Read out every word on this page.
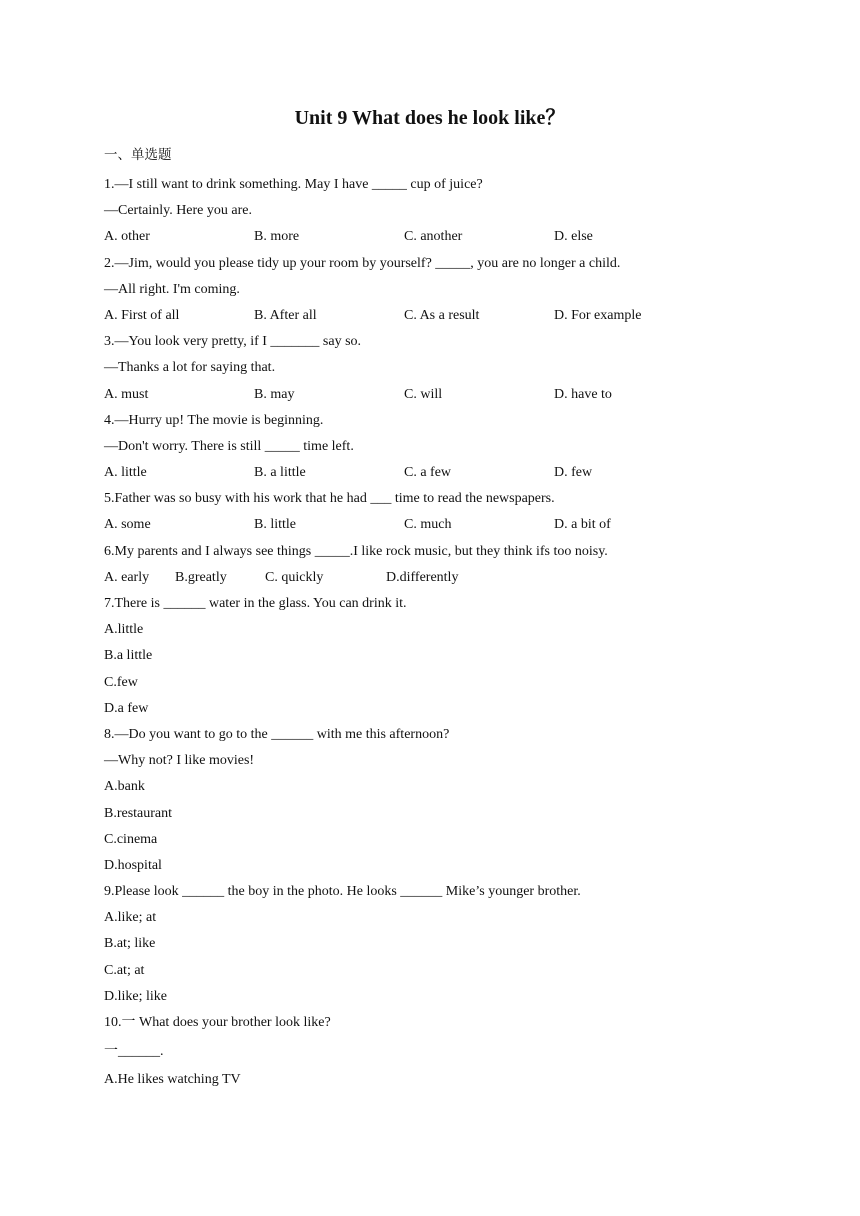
Unit 9 What does he look like？
一、单选题
1.—I still want to drink something. May I have _____ cup of juice?
—Certainly. Here you are.
A. other	B. more	C. another	D. else
2.—Jim, would you please tidy up your room by yourself? _____, you are no longer a child.
—All right. I'm coming.
A. First of all	B. After all	C. As a result	D. For example
3.―You look very pretty, if I _______ say so.
―Thanks a lot for saying that.
A. must	B. may	C. will	D. have to
4.—Hurry up! The movie is beginning.
—Don't worry. There is still _____ time left.
A. little	B. a little	C. a few	D. few
5.Father was so busy with his work that he had ___ time to read the newspapers.
A. some	B. little	C. much	D. a bit of
6.My parents and I always see things _____.I like rock music, but they think ifs too noisy.
A. early B.greatly	C. quickly	D.differently
7.There is ______ water in the glass. You can drink it.
A.little
B.a little
C.few
D.a few
8.—Do you want to go to the ______ with me this afternoon?
—Why not? I like movies!
A.bank
B.restaurant
C.cinema
D.hospital
9.Please look ______ the boy in the photo. He looks ______ Mike’s younger brother.
A.like; at
B.at; like
C.at; at
D.like; like
10.一 What does your brother look like?
一______.
A.He likes watching TV
